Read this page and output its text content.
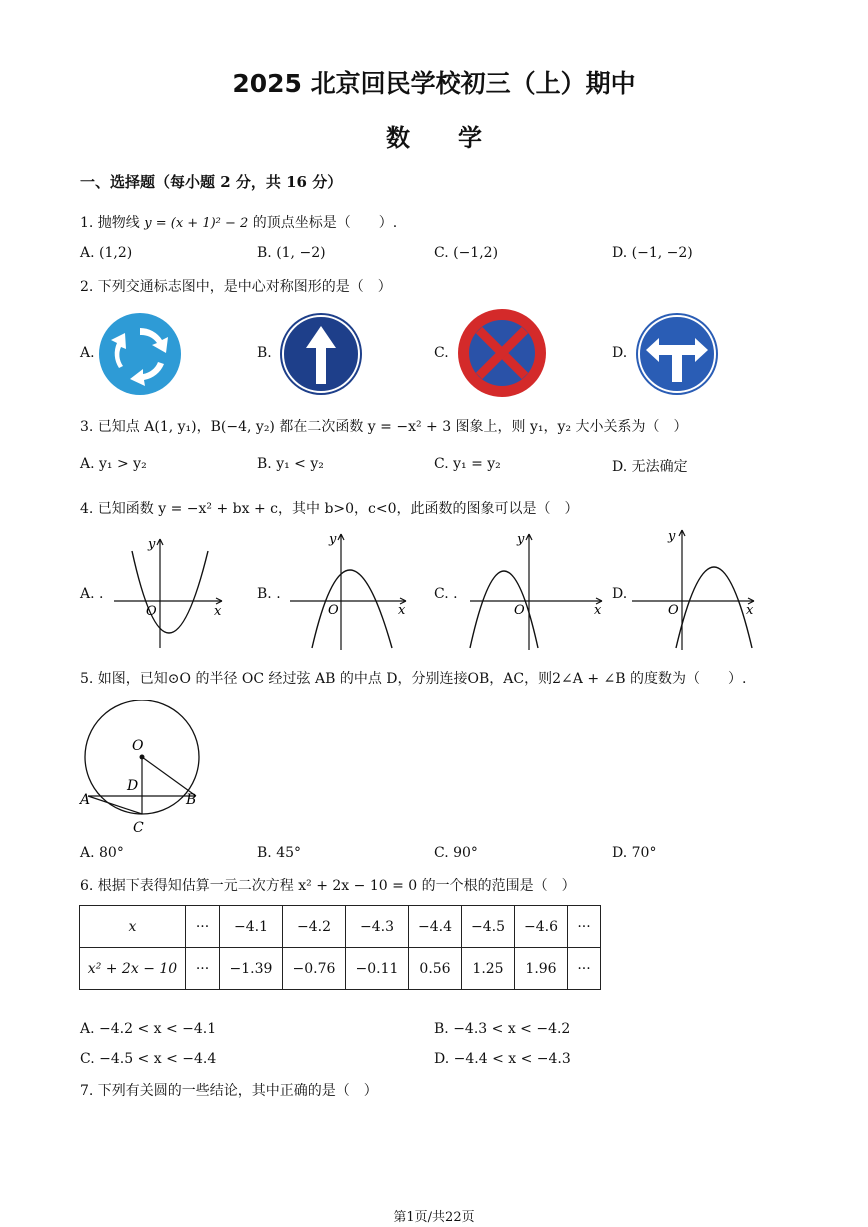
2025 北京回民学校初三（上）期中
数学
一、选择题（每小题 2 分，共 16 分）
1. 抛物线 y = (x + 1)² − 2 的顶点坐标是（　　）.
A. (1,2)	B. (1, −2)	C. (−1,2)	D. (−1, −2)
2. 下列交通标志图中，是中心对称图形的是（　）
A.	B.	C.	D.
3. 已知点 A(1, y₁)，B(−4, y₂) 都在二次函数 y = −x² + 3 图象上，则 y₁，y₂ 大小关系为（　）
A. y₁ > y₂	B. y₁ < y₂	C. y₁ = y₂	D. 无法确定
4. 已知函数 y = −x² + bx + c，其中 b>0，c<0，此函数的图象可以是（　）
A. .	B. .	C. .	D.
y
x
O
y
x
O
y
x
O
y
x
O
5. 如图，已知⊙O 的半径 OC 经过弦 AB 的中点 D，分别连接OB，AC，则2∠A + ∠B 的度数为（　　）.
O
D
A	B
C
A. 80°	B. 45°	C. 90°	D. 70°
6. 根据下表得知估算一元二次方程 x² + 2x − 10 = 0 的一个根的范围是（　）
x	···	−4.1	−4.2	−4.3	−4.4	−4.5	−4.6	···
x² + 2x − 10	···	−1.39	−0.76	−0.11	0.56	1.25	1.96	···
A. −4.2 < x < −4.1	B. −4.3 < x < −4.2
C. −4.5 < x < −4.4	D. −4.4 < x < −4.3
7. 下列有关圆的一些结论，其中正确的是（　）
第1页/共22页
